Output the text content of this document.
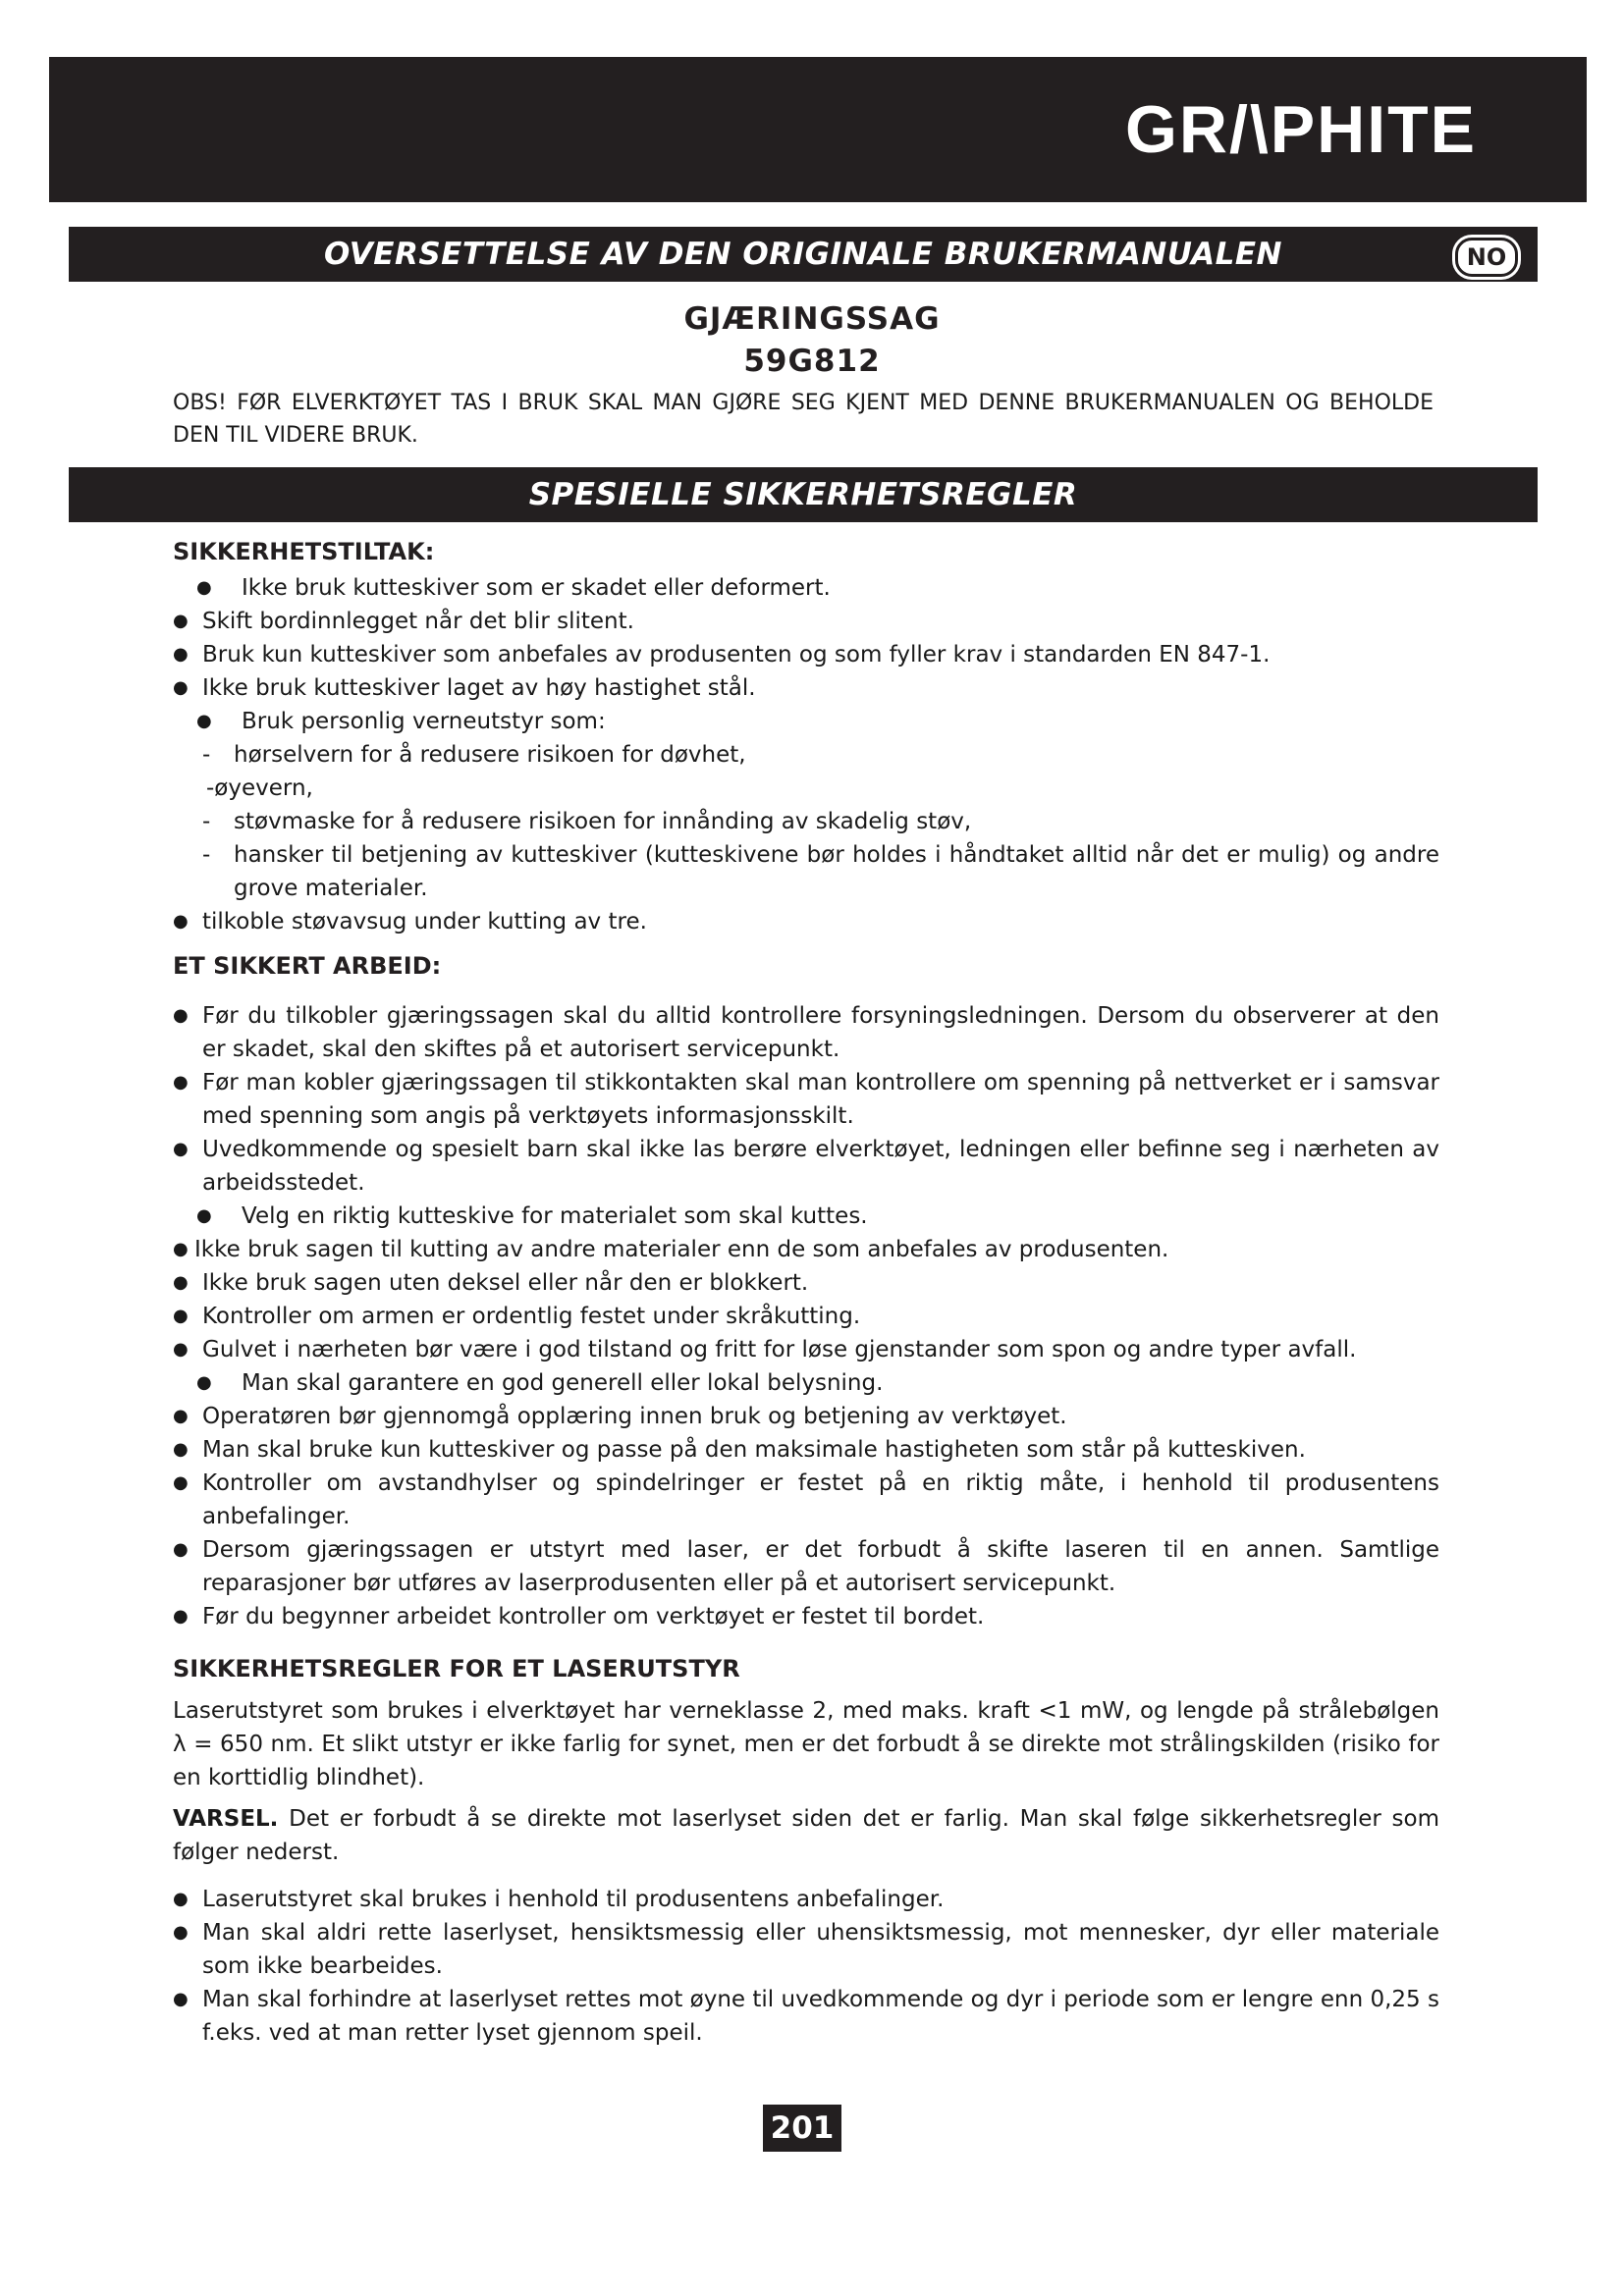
GR/\PHITE
OVERSETTELSE AV DEN ORIGINALE BRUKERMANUALEN	NO
GJÆRINGSSAG
59G812
OBS! FØR ELVERKTØYET TAS I BRUK SKAL MAN GJØRE SEG KJENT MED DENNE BRUKERMANUALEN OG BEHOLDE DEN TIL VIDERE BRUK.
SPESIELLE SIKKERHETSREGLER
SIKKERHETSTILTAK:
● Ikke bruk kutteskiver som er skadet eller deformert.
● Skift bordinnlegget når det blir slitent.
● Bruk kun kutteskiver som anbefales av produsenten og som fyller krav i standarden EN 847-1.
● Ikke bruk kutteskiver laget av høy hastighet stål.
● Bruk personlig verneutstyr som:
- hørselvern for å redusere risikoen for døvhet,
-øyevern,
- støvmaske for å redusere risikoen for innånding av skadelig støv,
- hansker til betjening av kutteskiver (kutteskivene bør holdes i håndtaket alltid når det er mulig) og andre grove materialer.
● tilkoble støvavsug under kutting av tre.
ET SIKKERT ARBEID:
● Før du tilkobler gjæringssagen skal du alltid kontrollere forsyningsledningen. Dersom du observerer at den er skadet, skal den skiftes på et autorisert servicepunkt.
● Før man kobler gjæringssagen til stikkontakten skal man kontrollere om spenning på nettverket er i samsvar med spenning som angis på verktøyets informasjonsskilt.
● Uvedkommende og spesielt barn skal ikke las berøre elverktøyet, ledningen eller befinne seg i nærheten av arbeidsstedet.
● Velg en riktig kutteskive for materialet som skal kuttes.
● Ikke bruk sagen til kutting av andre materialer enn de som anbefales av produsenten.
● Ikke bruk sagen uten deksel eller når den er blokkert.
● Kontroller om armen er ordentlig festet under skråkutting.
● Gulvet i nærheten bør være i god tilstand og fritt for løse gjenstander som spon og andre typer avfall.
● Man skal garantere en god generell eller lokal belysning.
● Operatøren bør gjennomgå opplæring innen bruk og betjening av verktøyet.
● Man skal bruke kun kutteskiver og passe på den maksimale hastigheten som står på kutteskiven.
● Kontroller om avstandhylser og spindelringer er festet på en riktig måte, i henhold til produsentens anbefalinger.
● Dersom gjæringssagen er utstyrt med laser, er det forbudt å skifte laseren til en annen. Samtlige reparasjoner bør utføres av laserprodusenten eller på et autorisert servicepunkt.
● Før du begynner arbeidet kontroller om verktøyet er festet til bordet.
SIKKERHETSREGLER FOR ET LASERUTSTYR
Laserutstyret som brukes i elverktøyet har verneklasse 2, med maks. kraft <1 mW, og lengde på strålebølgen λ = 650 nm. Et slikt utstyr er ikke farlig for synet, men er det forbudt å se direkte mot strålingskilden (risiko for en korttidlig blindhet).
VARSEL. Det er forbudt å se direkte mot laserlyset siden det er farlig. Man skal følge sikkerhetsregler som følger nederst.
● Laserutstyret skal brukes i henhold til produsentens anbefalinger.
● Man skal aldri rette laserlyset, hensiktsmessig eller uhensiktsmessig, mot mennesker, dyr eller materiale som ikke bearbeides.
● Man skal forhindre at laserlyset rettes mot øyne til uvedkommende og dyr i periode som er lengre enn 0,25 s f.eks. ved at man retter lyset gjennom speil.
201
